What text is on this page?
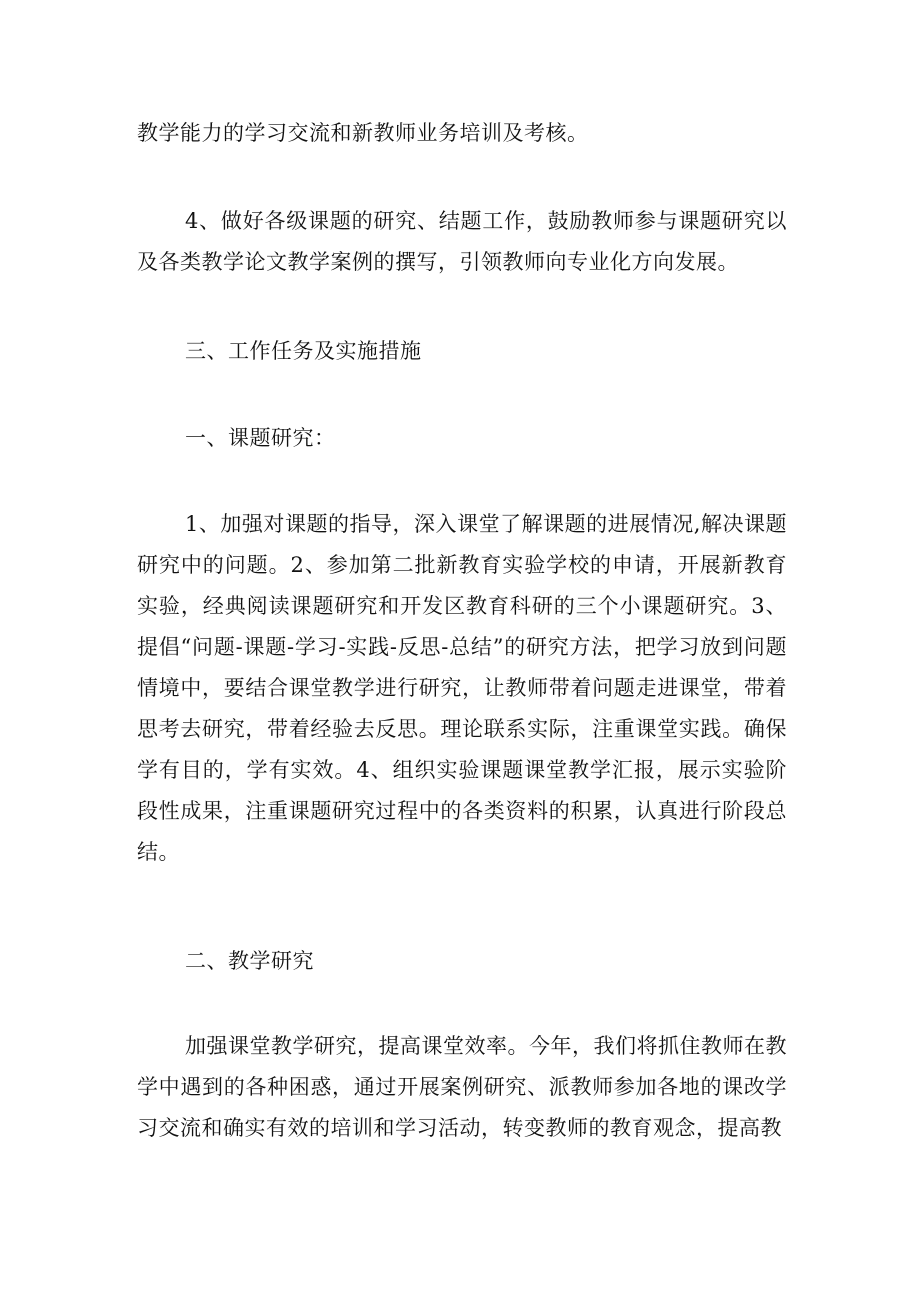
教学能力的学习交流和新教师业务培训及考核。

4、做好各级课题的研究、结题工作，鼓励教师参与课题研究以及各类教学论文教学案例的撰写，引领教师向专业化方向发展。

三、工作任务及实施措施

一、课题研究：

1、加强对课题的指导，深入课堂了解课题的进展情况,解决课题研究中的问题。2、参加第二批新教育实验学校的申请，开展新教育实验，经典阅读课题研究和开发区教育科研的三个小课题研究。3、提倡“问题-课题-学习-实践-反思-总结”的研究方法，把学习放到问题情境中，要结合课堂教学进行研究，让教师带着问题走进课堂，带着思考去研究，带着经验去反思。理论联系实际，注重课堂实践。确保学有目的，学有实效。4、组织实验课题课堂教学汇报，展示实验阶段性成果，注重课题研究过程中的各类资料的积累，认真进行阶段总结。

二、教学研究

加强课堂教学研究，提高课堂效率。今年，我们将抓住教师在教学中遇到的各种困惑，通过开展案例研究、派教师参加各地的课改学习交流和确实有效的培训和学习活动，转变教师的教育观念，提高教
